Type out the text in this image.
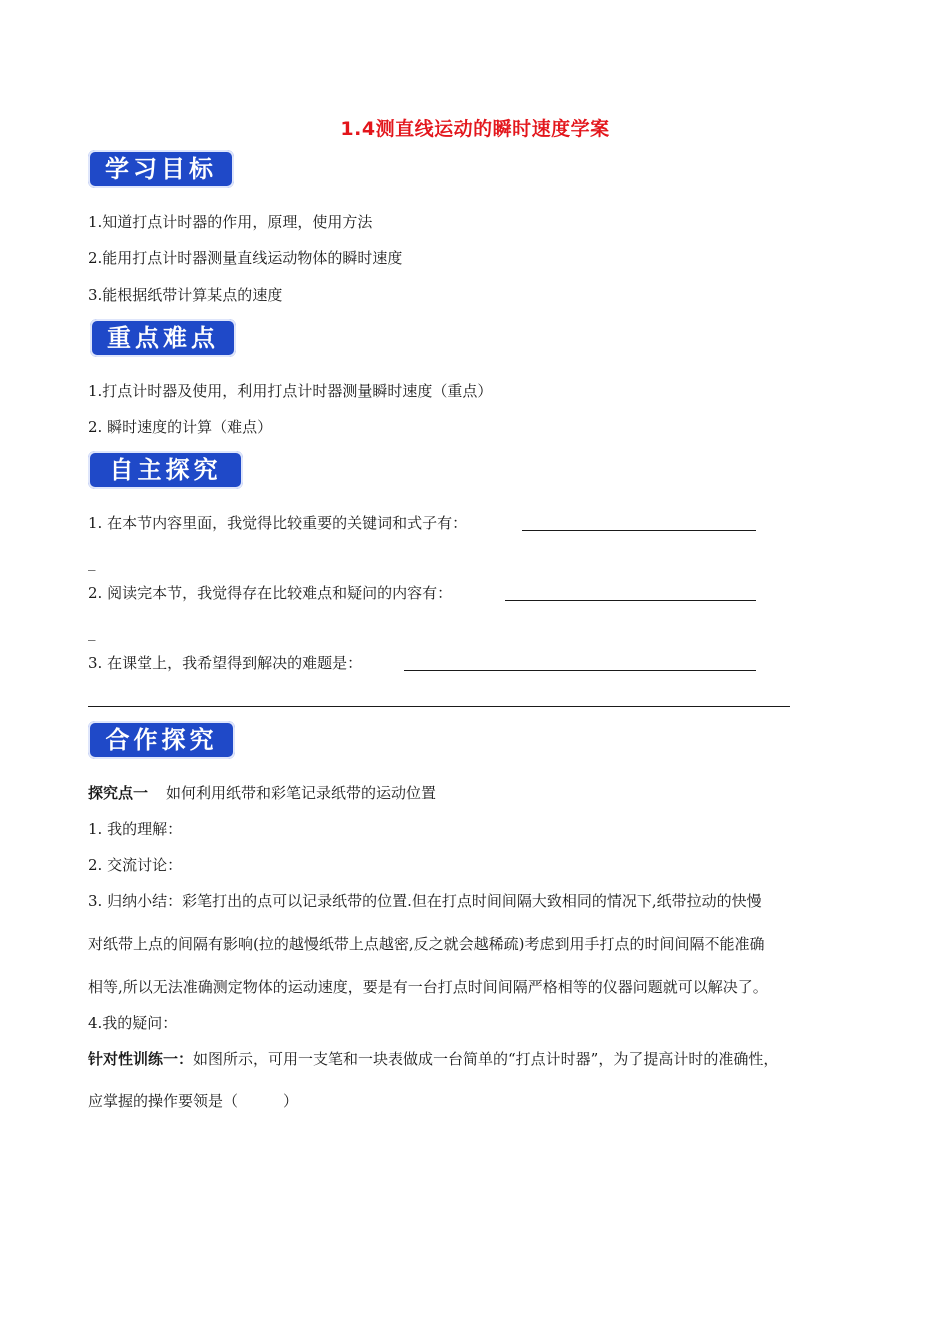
1.4测直线运动的瞬时速度学案
学习目标
1.知道打点计时器的作用，原理，使用方法
2.能用打点计时器测量直线运动物体的瞬时速度
3.能根据纸带计算某点的速度
重点难点
1.打点计时器及使用，利用打点计时器测量瞬时速度（重点）
2. 瞬时速度的计算（难点）
自主探究
1. 在本节内容里面，我觉得比较重要的关键词和式子有：
_
2. 阅读完本节，我觉得存在比较难点和疑问的内容有：
_
3. 在课堂上，我希望得到解决的难题是：
合作探究
探究点一 如何利用纸带和彩笔记录纸带的运动位置
1. 我的理解：
2. 交流讨论：
3. 归纳小结：彩笔打出的点可以记录纸带的位置.但在打点时间间隔大致相同的情况下,纸带拉动的快慢
对纸带上点的间隔有影响(拉的越慢纸带上点越密,反之就会越稀疏)考虑到用手打点的时间间隔不能准确
相等,所以无法准确测定物体的运动速度，要是有一台打点时间间隔严格相等的仪器问题就可以解决了。
4.我的疑问：
针对性训练一：如图所示，可用一支笔和一块表做成一台简单的“打点计时器”，为了提高计时的准确性，
应掌握的操作要领是（　　　）
